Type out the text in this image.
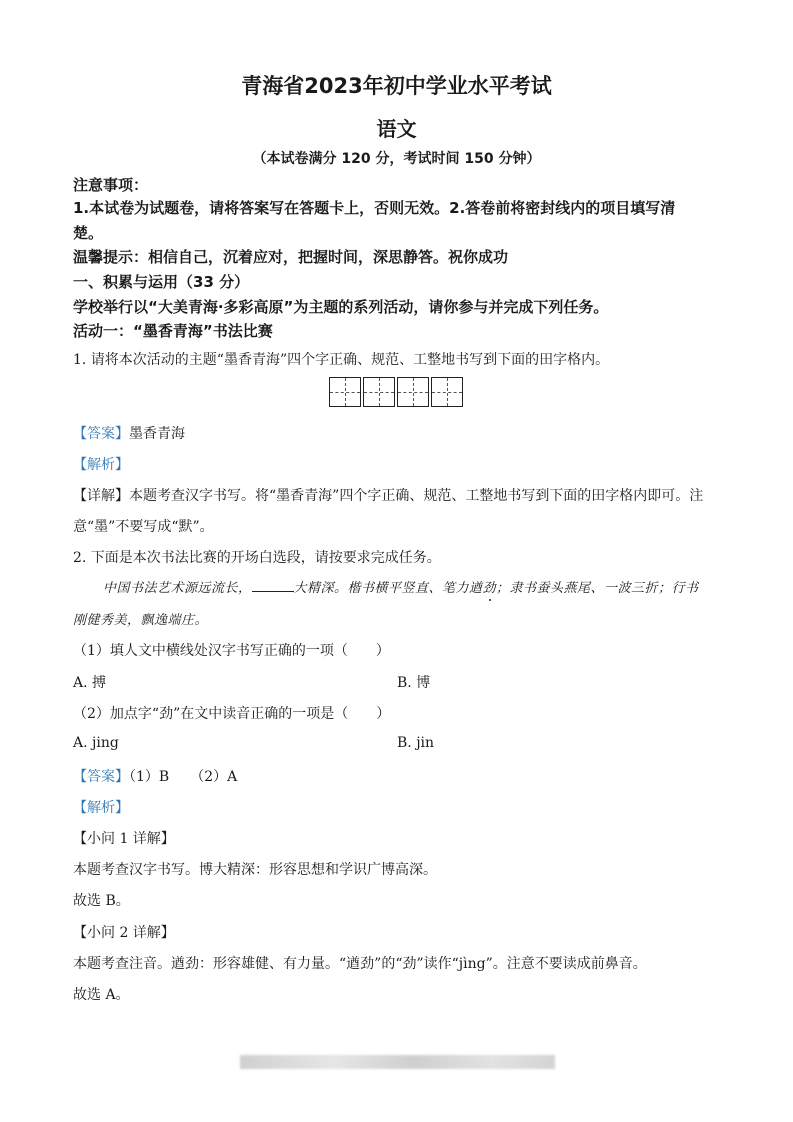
青海省2023年初中学业水平考试
语文
（本试卷满分 120 分，考试时间 150 分钟）
注意事项：
1.本试卷为试题卷，请将答案写在答题卡上，否则无效。2.答卷前将密封线内的项目填写清
楚。
温馨提示：相信自己，沉着应对，把握时间，深思静答。祝你成功
一、积累与运用（33 分）
学校举行以“大美青海·多彩高原”为主题的系列活动，请你参与并完成下列任务。
活动一：“墨香青海”书法比赛
1. 请将本次活动的主题“墨香青海”四个字正确、规范、工整地书写到下面的田字格内。
【答案】墨香青海
【解析】
【详解】本题考查汉字书写。将“墨香青海”四个字正确、规范、工整地书写到下面的田字格内即可。注
意“墨”不要写成“默”。
2. 下面是本次书法比赛的开场白选段，请按要求完成任务。
中国书法艺术源远流长，	大精深。楷书横平竖直、笔力遒劲；隶书蚕头燕尾、一波三折；行书
刚健秀美，飘逸端庄。
（1）填人文中横线处汉字书写正确的一项（　　）
A. 搏	B. 博
（2）加点字“劲”在文中读音正确的一项是（　　）
A. jing	B. jin
【答案】（1）B　　（2）A
【解析】
【小问 1 详解】
本题考查汉字书写。博大精深：形容思想和学识广博高深。
故选 B。
【小问 2 详解】
本题考查注音。遒劲：形容雄健、有力量。“遒劲”的“劲”读作“jìng”。注意不要读成前鼻音。
故选 A。
